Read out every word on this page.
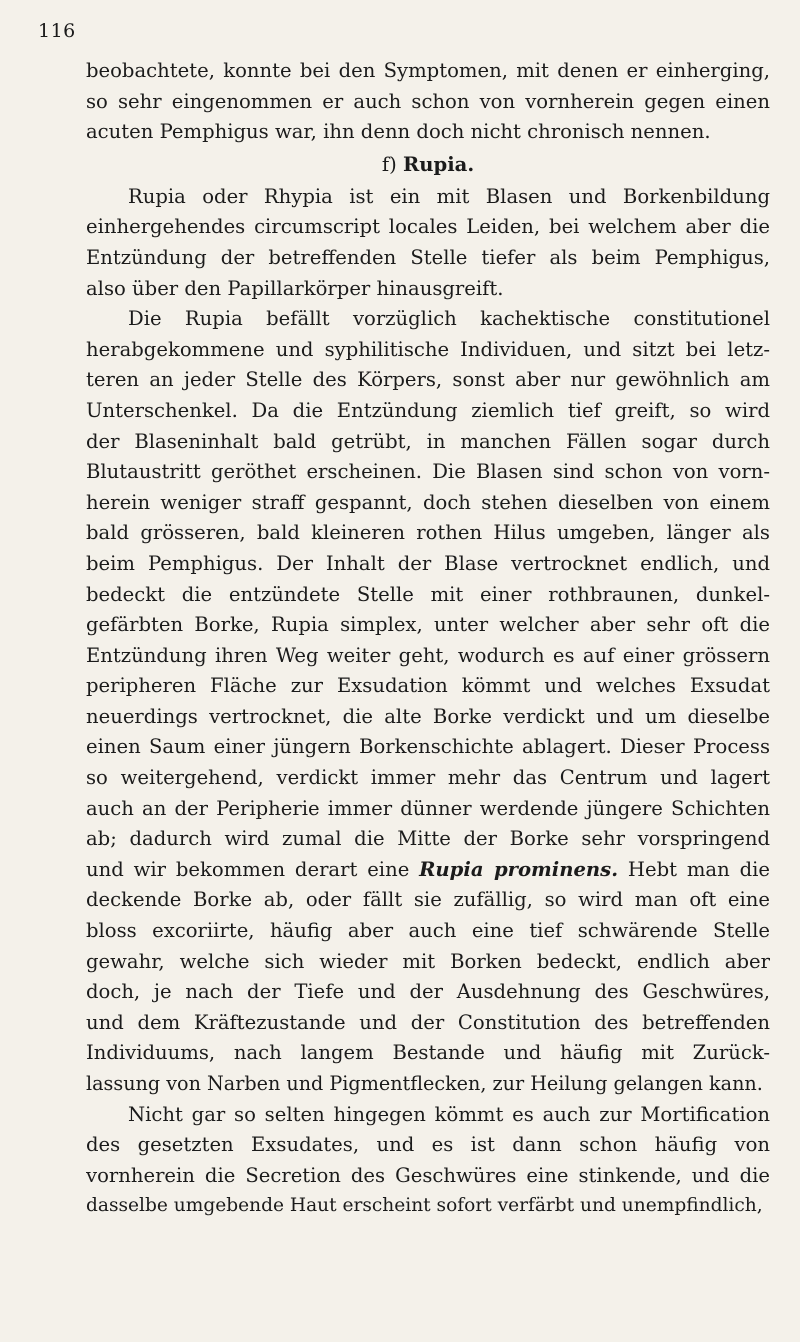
116
beobachtete, konnte bei den Symptomen, mit denen er einherging,
so sehr eingenommen er auch schon von vornherein gegen einen
acuten Pemphigus war, ihn denn doch nicht chronisch nennen.
f) Rupia.
Rupia oder Rhypia ist ein mit Blasen und Borkenbildung
einhergehendes circumscript locales Leiden, bei welchem aber die
Entzündung der betreffenden Stelle tiefer als beim Pemphigus,
also über den Papillarkörper hinausgreift.
Die Rupia befällt vorzüglich kachektische constitutionel
herabgekommene und syphilitische Individuen, und sitzt bei letz-
teren an jeder Stelle des Körpers, sonst aber nur gewöhnlich am
Unterschenkel. Da die Entzündung ziemlich tief greift, so wird
der Blaseninhalt bald getrübt, in manchen Fällen sogar durch
Blutaustritt geröthet erscheinen. Die Blasen sind schon von vorn-
herein weniger straff gespannt, doch stehen dieselben von einem
bald grösseren, bald kleineren rothen Hilus umgeben, länger als
beim Pemphigus. Der Inhalt der Blase vertrocknet endlich, und
bedeckt die entzündete Stelle mit einer rothbraunen, dunkel-
gefärbten Borke, Rupia simplex, unter welcher aber sehr oft die
Entzündung ihren Weg weiter geht, wodurch es auf einer grössern
peripheren Fläche zur Exsudation kömmt und welches Exsudat
neuerdings vertrocknet, die alte Borke verdickt und um dieselbe
einen Saum einer jüngern Borkenschichte ablagert. Dieser Process
so weitergehend, verdickt immer mehr das Centrum und lagert
auch an der Peripherie immer dünner werdende jüngere Schichten
ab; dadurch wird zumal die Mitte der Borke sehr vorspringend
und wir bekommen derart eine Rupia prominens. Hebt man die
deckende Borke ab, oder fällt sie zufällig, so wird man oft eine
bloss excoriirte, häufig aber auch eine tief schwärende Stelle
gewahr, welche sich wieder mit Borken bedeckt, endlich aber
doch, je nach der Tiefe und der Ausdehnung des Geschwüres,
und dem Kräftezustande und der Constitution des betreffenden
Individuums, nach langem Bestande und häufig mit Zurück-
lassung von Narben und Pigmentflecken, zur Heilung gelangen kann.
Nicht gar so selten hingegen kömmt es auch zur Mortification
des gesetzten Exsudates, und es ist dann schon häufig von
vornherein die Secretion des Geschwüres eine stinkende, und die
dasselbe umgebende Haut erscheint sofort verfärbt und unempfindlich,
